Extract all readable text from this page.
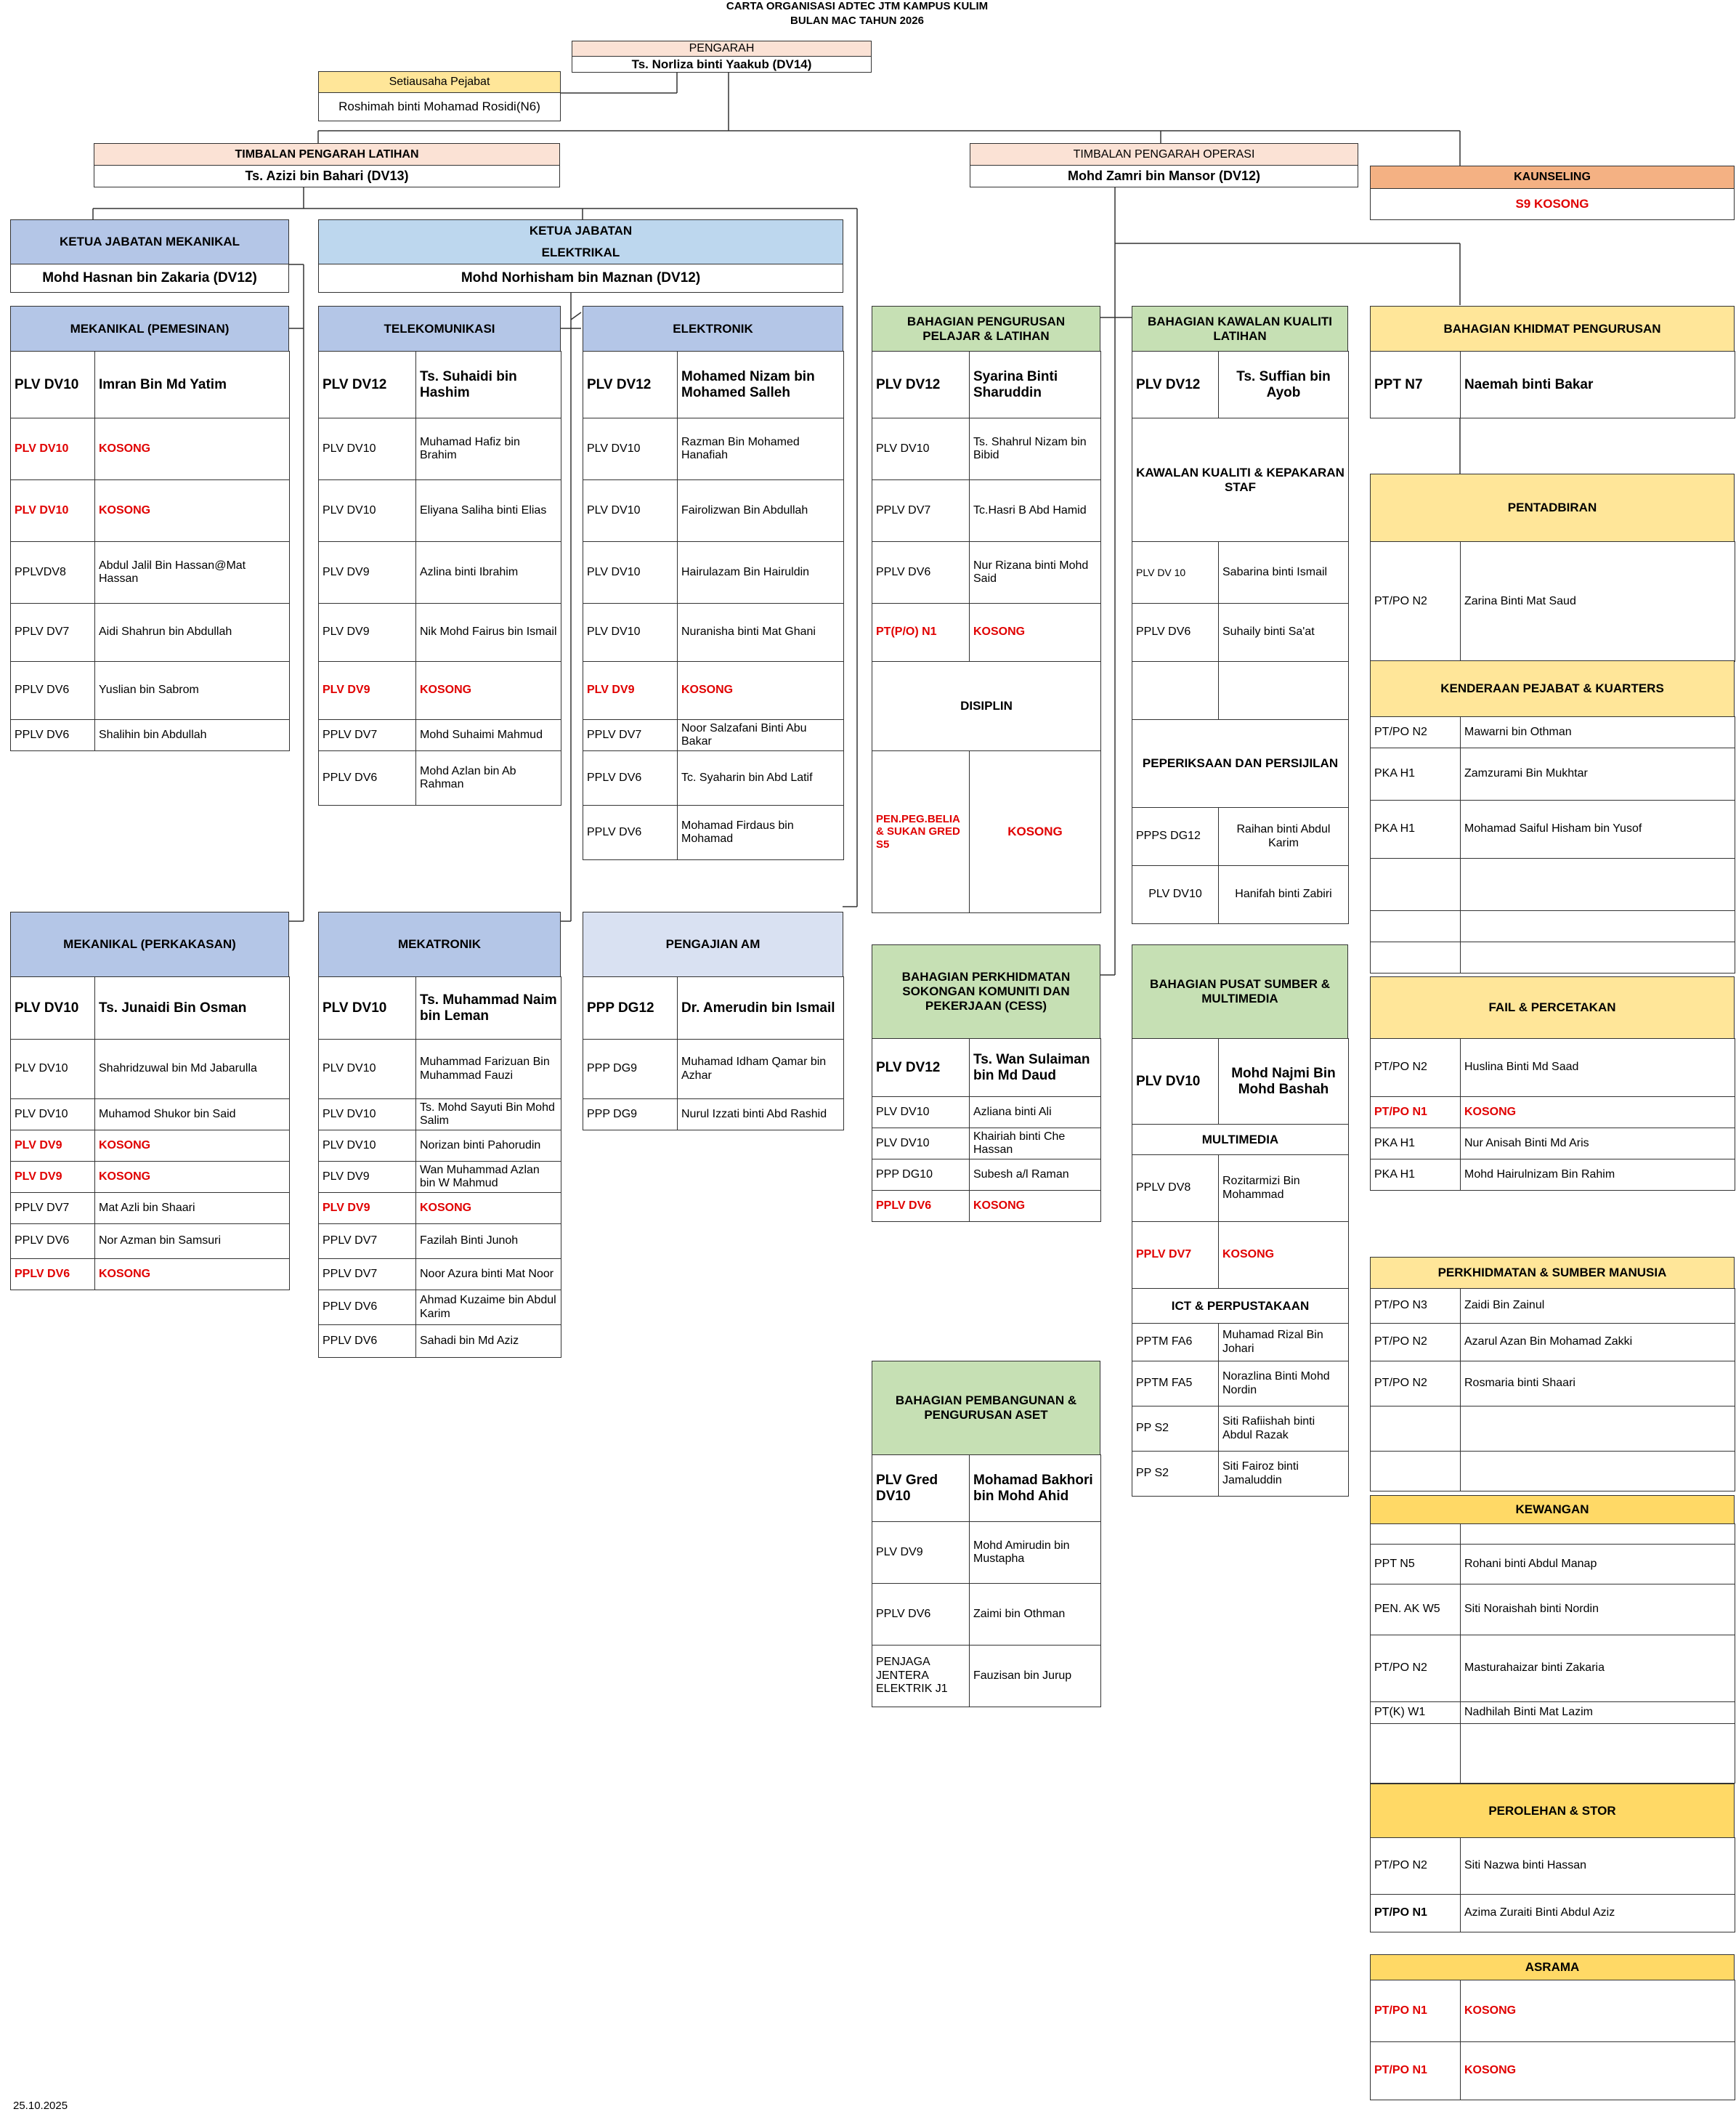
CARTA ORGANISASI ADTEC JTM KAMPUS KULIM
BULAN MAC TAHUN 2026
PENGARAH
Ts. Norliza binti Yaakub (DV14)
Setiausaha Pejabat
Roshimah binti Mohamad Rosidi(N6)
TIMBALAN PENGARAH LATIHAN
Ts. Azizi bin Bahari (DV13)
TIMBALAN PENGARAH OPERASI
Mohd Zamri bin Mansor (DV12)	KAUNSELING
S9 KOSONG
KETUA JABATAN MEKANIKAL
Mohd Hasnan bin Zakaria (DV12)
KETUA JABATAN
ELEKTRIKAL
Mohd Norhisham bin Maznan (DV12)
MEKANIKAL (PEMESINAN)
PLV DV10	Imran Bin Md Yatim
PLV DV10	KOSONG
PLV DV10	KOSONG
PPLVDV8	Abdul Jalil Bin Hassan@Mat Hassan
PPLV DV7	Aidi Shahrun bin Abdullah
PPLV DV6	Yuslian bin Sabrom
PPLV DV6	Shalihin bin Abdullah
TELEKOMUNIKASI
PLV DV12	Ts. Suhaidi bin Hashim
PLV DV10	Muhamad Hafiz bin Brahim
PLV DV10	Eliyana Saliha binti Elias
PLV DV9	Azlina binti Ibrahim
PLV DV9	Nik Mohd Fairus bin Ismail
PLV DV9	KOSONG
PPLV DV7	Mohd Suhaimi Mahmud
PPLV DV6	Mohd Azlan bin Ab Rahman
ELEKTRONIK
PLV DV12	Mohamed Nizam bin Mohamed Salleh
PLV DV10	Razman Bin Mohamed Hanafiah
PLV DV10	Fairolizwan Bin Abdullah
PLV DV10	Hairulazam Bin Hairuldin
PLV DV10	Nuranisha binti Mat Ghani
PLV DV9	KOSONG
PPLV DV7	Noor Salzafani Binti Abu Bakar
PPLV DV6	Tc. Syaharin bin Abd Latif
PPLV DV6	Mohamad Firdaus bin Mohamad
MEKANIKAL (PERKAKASAN)
PLV DV10	Ts. Junaidi Bin Osman
PLV DV10	Shahridzuwal bin Md Jabarulla
PLV DV10	Muhamod Shukor bin Said
PLV DV9	KOSONG
PLV DV9	KOSONG
PPLV DV7	Mat Azli bin Shaari
PPLV DV6	Nor Azman bin Samsuri
PPLV DV6	KOSONG
MEKATRONIK
PLV DV10	Ts. Muhammad Naim bin Leman
PLV DV10	Muhammad Farizuan Bin Muhammad Fauzi
PLV DV10	Ts. Mohd Sayuti Bin Mohd Salim
PLV DV10	Norizan binti Pahorudin
PLV DV9	Wan Muhammad Azlan bin W Mahmud
PLV DV9	KOSONG
PPLV DV7	Fazilah Binti Junoh
PPLV DV7	Noor Azura binti Mat Noor
PPLV DV6	Ahmad Kuzaime bin Abdul Karim
PPLV DV6	Sahadi bin Md Aziz
PENGAJIAN AM
PPP DG12	Dr. Amerudin bin Ismail
PPP DG9	Muhamad Idham Qamar bin Azhar
PPP DG9	Nurul Izzati binti Abd Rashid
BAHAGIAN PENGURUSAN PELAJAR & LATIHAN
PLV DV12	Syarina Binti Sharuddin
PLV DV10	Ts. Shahrul Nizam bin Bibid
PPLV DV7	Tc.Hasri B Abd Hamid
PPLV DV6	Nur Rizana binti Mohd Said
PT(P/O) N1	KOSONG
DISIPLIN	
PEN.PEG.BELIA & SUKAN GRED S5	KOSONG
BAHAGIAN KAWALAN KUALITI LATIHAN
PLV DV12	Ts. Suffian bin Ayob
KAWALAN KUALITI & KEPAKARAN STAF	
PLV DV 10	Sabarina binti Ismail
PPLV DV6	Suhaily binti Sa'at

PEPERIKSAAN DAN PERSIJILAN	
PPPS DG12	Raihan binti Abdul Karim
PLV DV10	Hanifah binti Zabiri
BAHAGIAN KHIDMAT PENGURUSAN
PPT N7	Naemah binti Bakar
PENTADBIRAN
PT/PO N2	Zarina Binti Mat Saud
KENDERAAN PEJABAT & KUARTERS
PT/PO N2	Mawarni bin Othman
PKA H1	Zamzurami Bin Mukhtar
PKA H1	Mohamad Saiful Hisham bin Yusof

FAIL & PERCETAKAN
PT/PO N2	Huslina Binti Md Saad
PT/PO N1	KOSONG
PKA H1	Nur Anisah Binti Md Aris
PKA H1	Mohd Hairulnizam Bin Rahim
PERKHIDMATAN & SUMBER MANUSIA
PT/PO N3	Zaidi Bin Zainul
PT/PO N2	Azarul Azan Bin Mohamad Zakki
PT/PO N2	Rosmaria binti Shaari

KEWANGAN

PPT N5	Rohani binti Abdul Manap
PEN. AK W5	Siti Noraishah binti Nordin
PT/PO N2	Masturahaizar binti Zakaria
PT(K) W1	Nadhilah Binti Mat Lazim

PEROLEHAN & STOR
PT/PO N2	Siti Nazwa binti Hassan
PT/PO N1	Azima Zuraiti Binti Abdul Aziz
ASRAMA
PT/PO N1	KOSONG
PT/PO N1	KOSONG
BAHAGIAN PERKHIDMATAN SOKONGAN KOMUNITI DAN PEKERJAAN (CESS)
PLV DV12	Ts. Wan Sulaiman bin Md Daud
PLV DV10	Azliana binti Ali
PLV DV10	Khairiah binti Che Hassan
PPP DG10	Subesh a/l Raman
PPLV DV6	KOSONG
BAHAGIAN PUSAT SUMBER & MULTIMEDIA
PLV DV10	Mohd Najmi Bin Mohd Bashah
MULTIMEDIA	
PPLV DV8	Rozitarmizi Bin Mohammad
PPLV DV7	KOSONG
ICT & PERPUSTAKAAN	
PPTM FA6	Muhamad Rizal Bin Johari
PPTM FA5	Norazlina Binti Mohd Nordin
PP S2	Siti Rafiishah binti Abdul Razak
PP S2	Siti Fairoz binti Jamaluddin
BAHAGIAN PEMBANGUNAN & PENGURUSAN ASET
PLV Gred DV10	Mohamad Bakhori bin Mohd Ahid
PLV DV9	Mohd Amirudin bin Mustapha
PPLV DV6	Zaimi bin Othman
PENJAGA JENTERA ELEKTRIK J1	Fauzisan bin Jurup
25.10.2025
